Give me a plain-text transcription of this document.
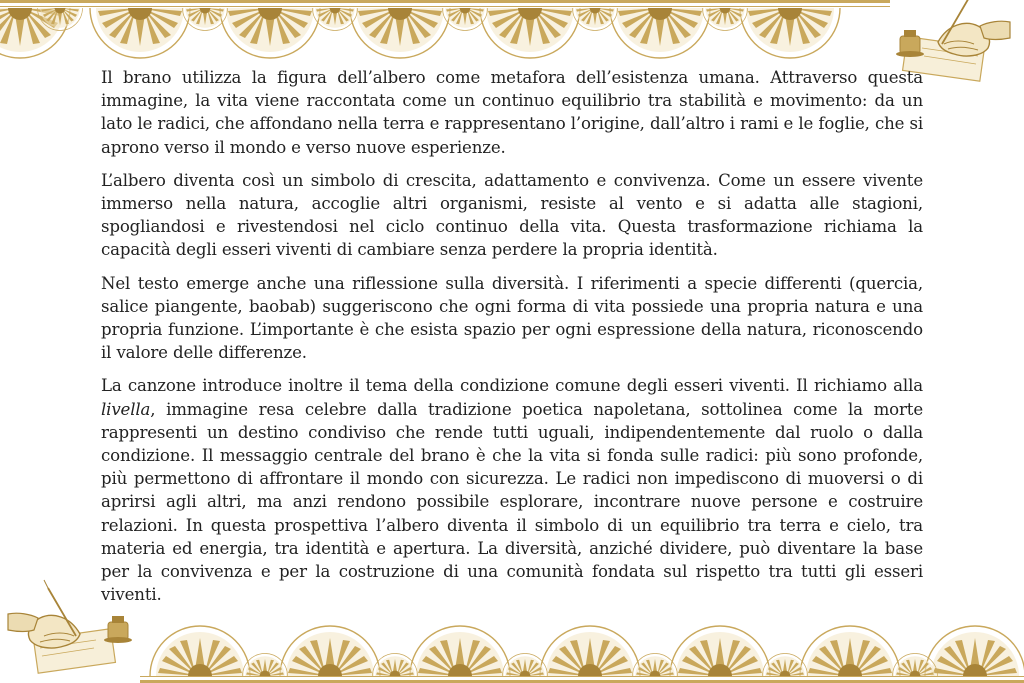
Il brano utilizza la figura dell’albero come metafora dell’esistenza umana. Attraverso questa immagine, la vita viene raccontata come un continuo equilibrio tra stabilità e movimento: da un lato le radici, che affondano nella terra e rappresentano l’origine, dall’altro i rami e le foglie, che si aprono verso il mondo e verso nuove esperienze.

L’albero diventa così un simbolo di crescita, adattamento e convivenza. Come un essere vivente immerso nella natura, accoglie altri organismi, resiste al vento e si adatta alle stagioni, spogliandosi e rivestendosi nel ciclo continuo della vita. Questa trasformazione richiama la capacità degli esseri viventi di cambiare senza perdere la propria identità.

Nel testo emerge anche una riflessione sulla diversità. I riferimenti a specie differenti (quercia, salice piangente, baobab) suggeriscono che ogni forma di vita possiede una propria natura e una propria funzione. L’importante è che esista spazio per ogni espressione della natura, riconoscendo il valore delle differenze.

La canzone introduce inoltre il tema della condizione comune degli esseri viventi. Il richiamo alla livella, immagine resa celebre dalla tradizione poetica napoletana, sottolinea come la morte rappresenti un destino condiviso che rende tutti uguali, indipendentemente dal ruolo o dalla condizione. Il messaggio centrale del brano è che la vita si fonda sulle radici: più sono profonde, più permettono di affrontare il mondo con sicurezza. Le radici non impediscono di muoversi o di aprirsi agli altri, ma anzi rendono possibile esplorare, incontrare nuove persone e costruire relazioni. In questa prospettiva l’albero diventa il simbolo di un equilibrio tra terra e cielo, tra materia ed energia, tra identità e apertura. La diversità, anziché dividere, può diventare la base per la convivenza e per la costruzione di una comunità fondata sul rispetto tra tutti gli esseri viventi.
